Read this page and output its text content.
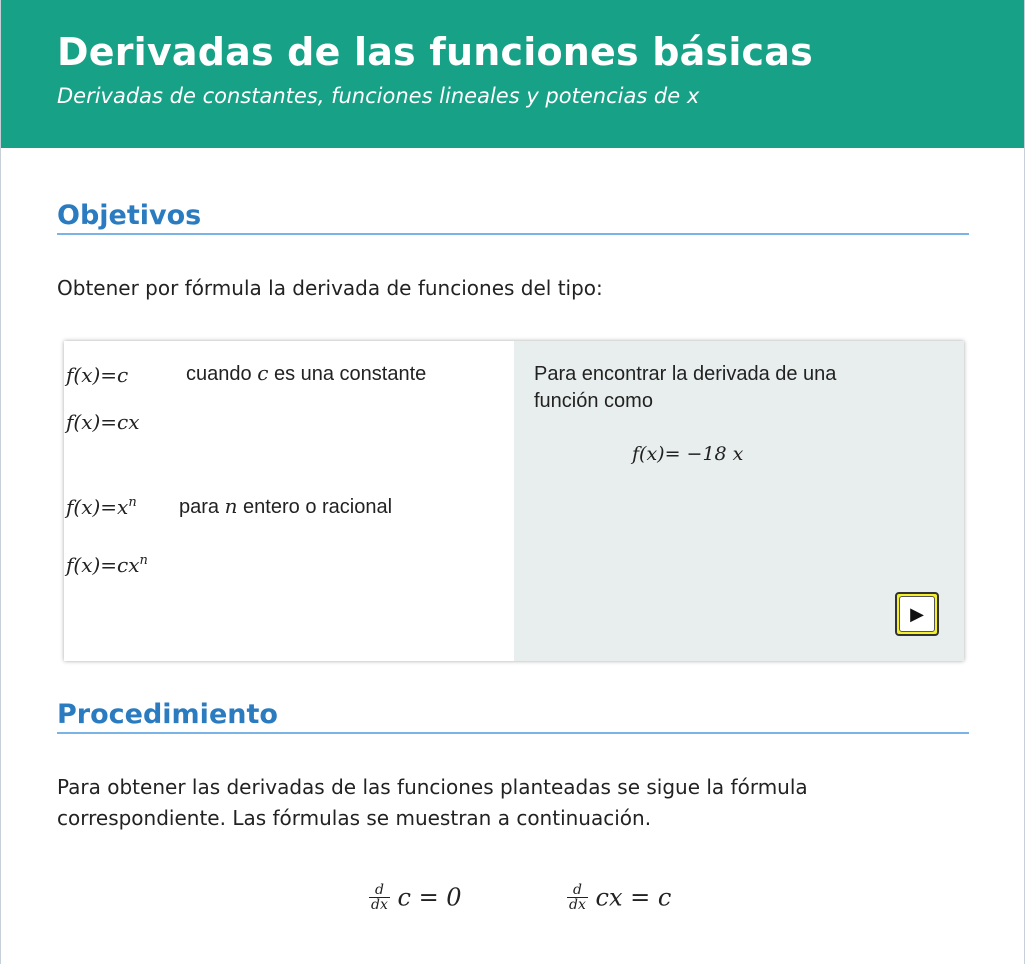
Derivadas de las funciones básicas
Derivadas de constantes, funciones lineales y potencias de x
Objetivos
Obtener por fórmula la derivada de funciones del tipo:
f(x)=c	cuando c es una constante
f(x)=cx
$f(x)=x^n$ para n entero o racional
$f(x)=cx^n$
Para encontrar la derivada de una función como
f(x)= −18 x
▶
Procedimiento
Para obtener las derivadas de las funciones planteadas se sigue la fórmula correspondiente. Las fórmulas se muestran a continuación.
$\frac{d}{dx}$ c = 0	$\frac{d}{dx}$ cx = c
